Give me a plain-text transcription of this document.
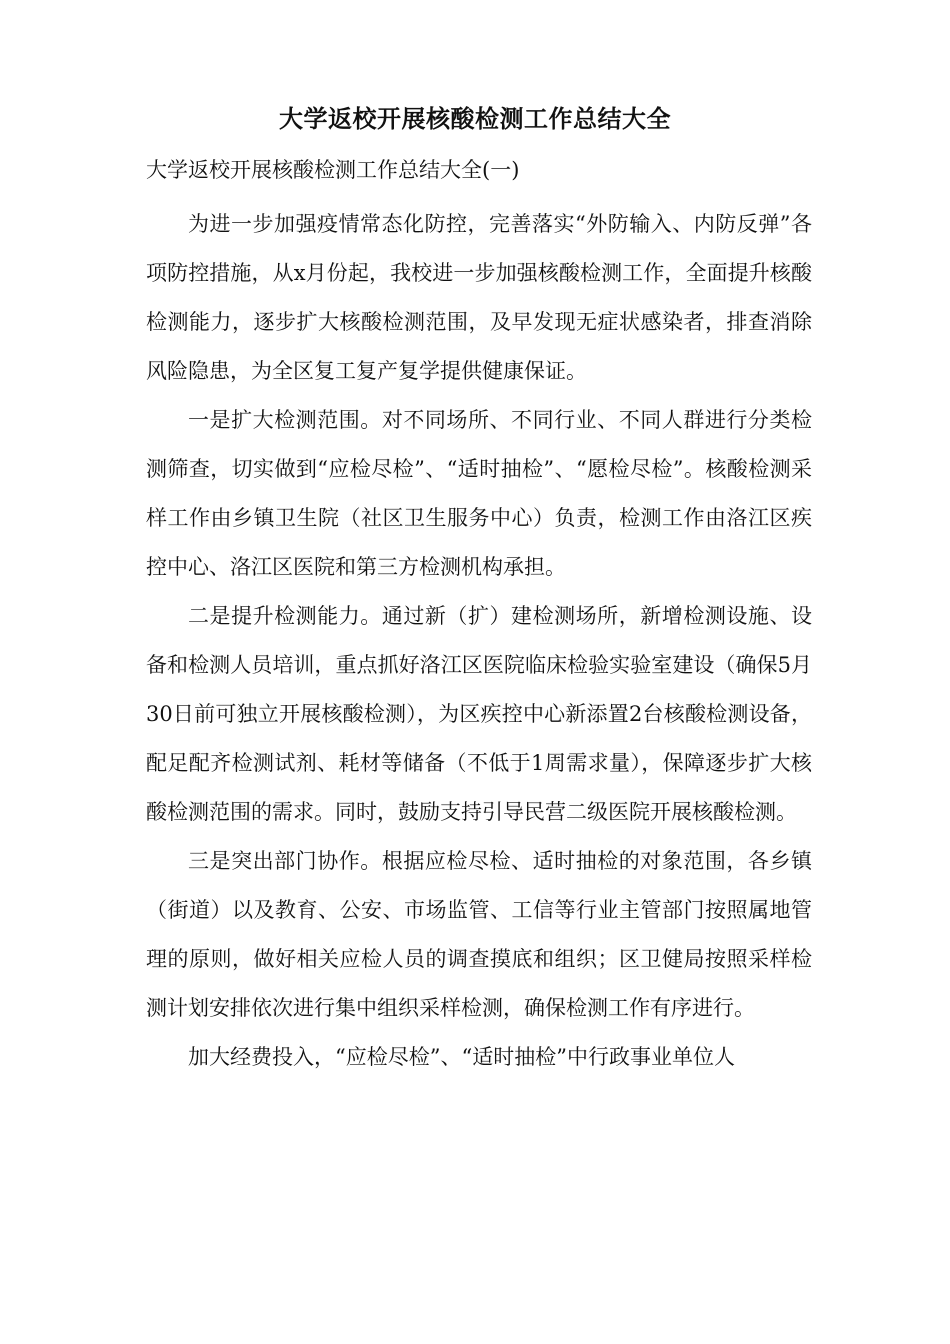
大学返校开展核酸检测工作总结大全

大学返校开展核酸检测工作总结大全(一)

为进一步加强疫情常态化防控，完善落实“外防输入、内防反弹”各项防控措施，从x月份起，我校进一步加强核酸检测工作，全面提升核酸检测能力，逐步扩大核酸检测范围，及早发现无症状感染者，排查消除风险隐患，为全区复工复产复学提供健康保证。

一是扩大检测范围。对不同场所、不同行业、不同人群进行分类检测筛查，切实做到“应检尽检”、“适时抽检”、“愿检尽检”。核酸检测采样工作由乡镇卫生院（社区卫生服务中心）负责，检测工作由洛江区疾控中心、洛江区医院和第三方检测机构承担。

二是提升检测能力。通过新（扩）建检测场所，新增检测设施、设备和检测人员培训，重点抓好洛江区医院临床检验实验室建设（确保5月30日前可独立开展核酸检测），为区疾控中心新添置2台核酸检测设备，配足配齐检测试剂、耗材等储备（不低于1周需求量），保障逐步扩大核酸检测范围的需求。同时，鼓励支持引导民营二级医院开展核酸检测。

三是突出部门协作。根据应检尽检、适时抽检的对象范围，各乡镇（街道）以及教育、公安、市场监管、工信等行业主管部门按照属地管理的原则，做好相关应检人员的调查摸底和组织；区卫健局按照采样检测计划安排依次进行集中组织采样检测，确保检测工作有序进行。

加大经费投入，“应检尽检”、“适时抽检”中行政事业单位人
